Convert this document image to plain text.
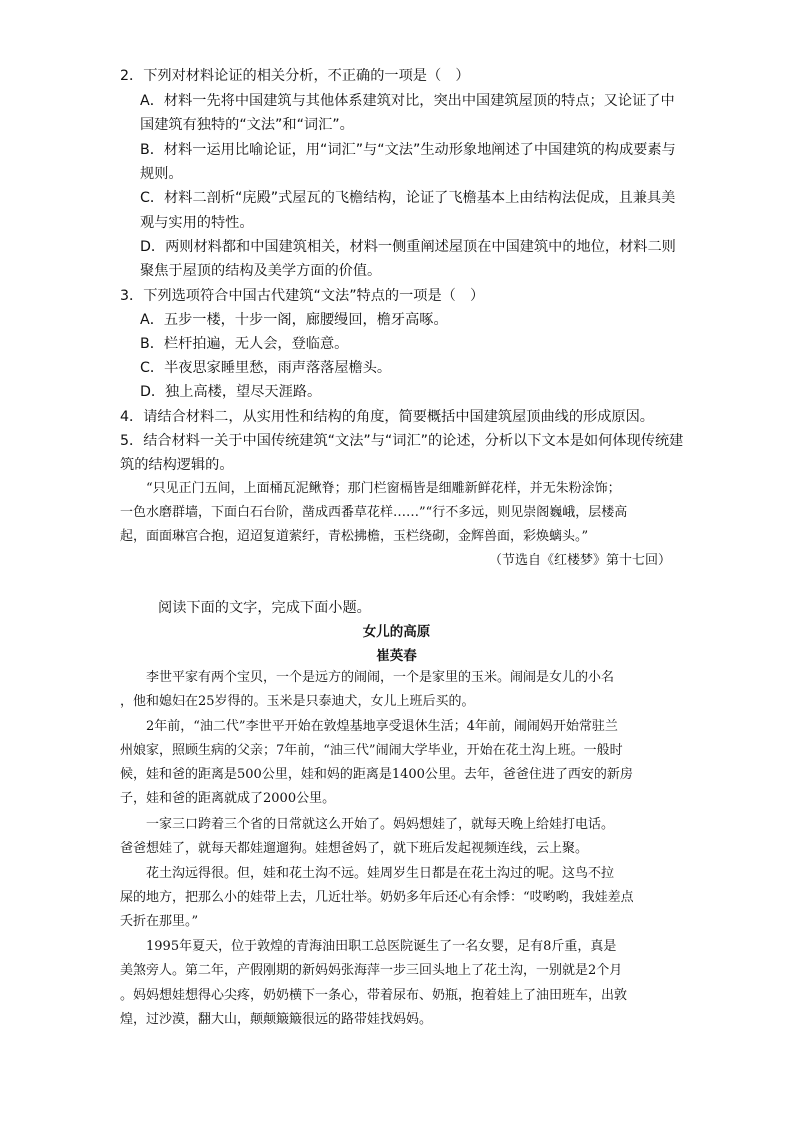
2．下列对材料论证的相关分析，不正确的一项是（　）
A．材料一先将中国建筑与其他体系建筑对比，突出中国建筑屋顶的特点；又论证了中
国建筑有独特的“文法”和“词汇”。
B．材料一运用比喻论证，用“词汇”与“文法”生动形象地阐述了中国建筑的构成要素与
规则。
C．材料二剖析“庑殿”式屋瓦的飞檐结构，论证了飞檐基本上由结构法促成，且兼具美
观与实用的特性。
D．两则材料都和中国建筑相关，材料一侧重阐述屋顶在中国建筑中的地位，材料二则
聚焦于屋顶的结构及美学方面的价值。
3．下列选项符合中国古代建筑“文法”特点的一项是（　）
A．五步一楼，十步一阁，廊腰缦回，檐牙高啄。
B．栏杆拍遍，无人会，登临意。
C．半夜思家睡里愁，雨声落落屋檐头。
D．独上高楼，望尽天涯路。
4．请结合材料二，从实用性和结构的角度，简要概括中国建筑屋顶曲线的形成原因。
5．结合材料一关于中国传统建筑“文法”与“词汇”的论述，分析以下文本是如何体现传统建
筑的结构逻辑的。
“只见正门五间，上面桶瓦泥鳅脊；那门栏窗槅皆是细雕新鲜花样，并无朱粉涂饰；
一色水磨群墙，下面白石台阶，凿成西番草花样……”“行不多远，则见崇阁巍峨，层楼高
起，面面琳宫合抱，迢迢复道萦纡，青松拂檐，玉栏绕砌，金辉兽面，彩焕螭头。”
（节选自《红楼梦》第十七回）
阅读下面的文字，完成下面小题。
女儿的高原
崔英春
李世平家有两个宝贝，一个是远方的闹闹，一个是家里的玉米。闹闹是女儿的小名
，他和媳妇在25岁得的。玉米是只泰迪犬，女儿上班后买的。
2年前，“油二代”李世平开始在敦煌基地享受退休生活；4年前，闹闹妈开始常驻兰
州娘家，照顾生病的父亲；7年前，“油三代”闹闹大学毕业，开始在花土沟上班。一般时
候，娃和爸的距离是500公里，娃和妈的距离是1400公里。去年，爸爸住进了西安的新房
子，娃和爸的距离就成了2000公里。
一家三口跨着三个省的日常就这么开始了。妈妈想娃了，就每天晚上给娃打电话。
爸爸想娃了，就每天都娃遛遛狗。娃想爸妈了，就下班后发起视频连线，云上聚。
花土沟远得很。但，娃和花土沟不远。娃周岁生日都是在花土沟过的呢。这鸟不拉
屎的地方，把那么小的娃带上去，几近壮举。奶奶多年后还心有余悸：“哎哟哟，我娃差点
夭折在那里。”
1995年夏天，位于敦煌的青海油田职工总医院诞生了一名女婴，足有8斤重，真是
美煞旁人。第二年，产假刚期的新妈妈张海萍一步三回头地上了花土沟，一别就是2个月
。妈妈想娃想得心尖疼，奶奶横下一条心，带着尿布、奶瓶，抱着娃上了油田班车，出敦
煌，过沙漠，翻大山，颠颠簸簸很远的路带娃找妈妈。
